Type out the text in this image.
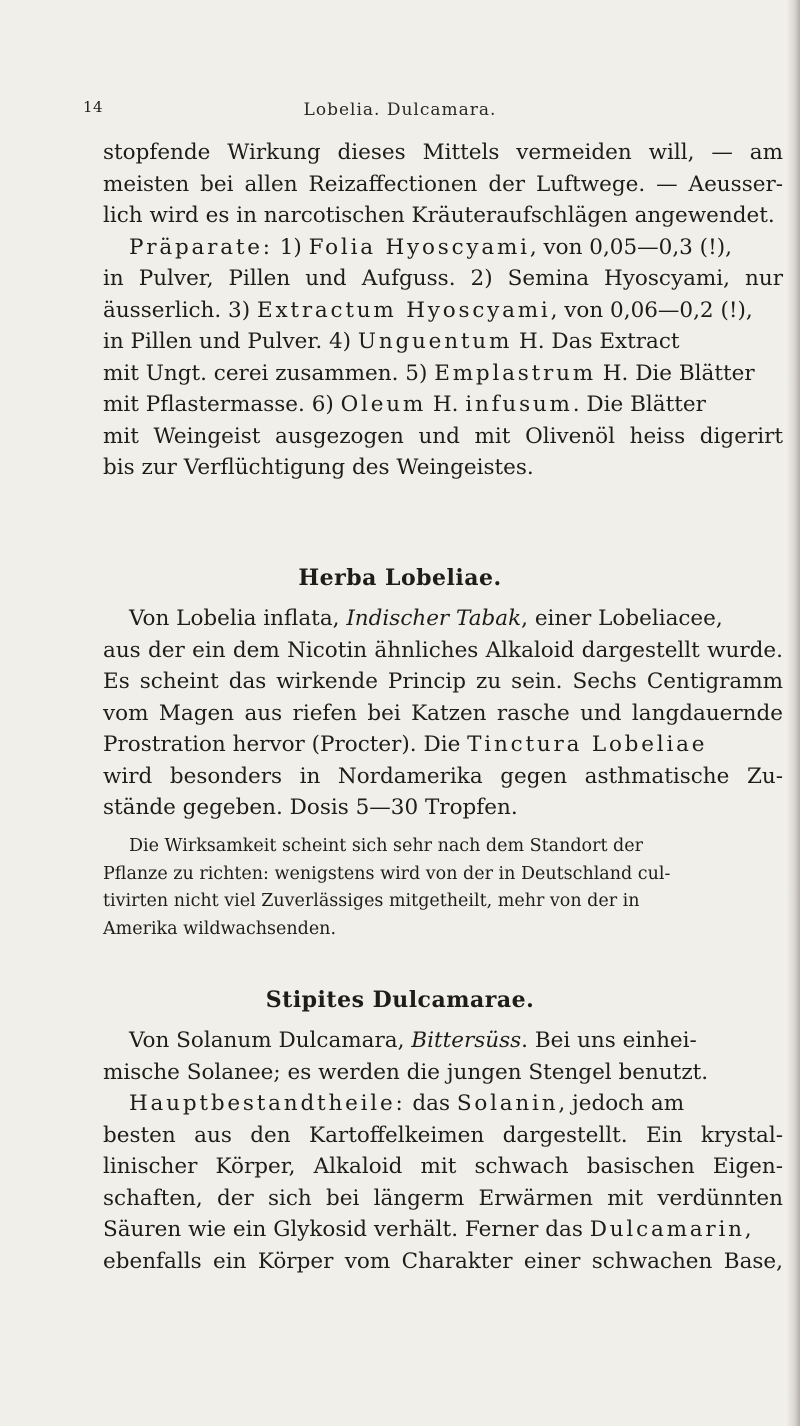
14	Lobelia. Dulcamara.
stopfende Wirkung dieses Mittels vermeiden will, — am
meisten bei allen Reizaffectionen der Luftwege. — Aeusser-
lich wird es in narcotischen Kräuteraufschlägen angewendet.
Präparate: 1) Folia Hyoscyami, von 0,05—0,3 (!),
in Pulver, Pillen und Aufguss. 2) Semina Hyoscyami, nur
äusserlich. 3) Extractum Hyoscyami, von 0,06—0,2 (!),
in Pillen und Pulver. 4) Unguentum H. Das Extract
mit Ungt. cerei zusammen. 5) Emplastrum H. Die Blätter
mit Pflastermasse. 6) Oleum H. infusum. Die Blätter
mit Weingeist ausgezogen und mit Olivenöl heiss digerirt
bis zur Verflüchtigung des Weingeistes.
Herba Lobeliae.
Von Lobelia inflata, Indischer Tabak, einer Lobeliacee,
aus der ein dem Nicotin ähnliches Alkaloid dargestellt wurde.
Es scheint das wirkende Princip zu sein. Sechs Centigramm
vom Magen aus riefen bei Katzen rasche und langdauernde
Prostration hervor (Procter). Die Tinctura Lobeliae
wird besonders in Nordamerika gegen asthmatische Zu-
stände gegeben. Dosis 5—30 Tropfen.
Die Wirksamkeit scheint sich sehr nach dem Standort der
Pflanze zu richten: wenigstens wird von der in Deutschland cul-
tivirten nicht viel Zuverlässiges mitgetheilt, mehr von der in
Amerika wildwachsenden.
Stipites Dulcamarae.
Von Solanum Dulcamara, Bittersüss. Bei uns einhei-
mische Solanee; es werden die jungen Stengel benutzt.
Hauptbestandtheile: das Solanin, jedoch am
besten aus den Kartoffelkeimen dargestellt. Ein krystal-
linischer Körper, Alkaloid mit schwach basischen Eigen-
schaften, der sich bei längerm Erwärmen mit verdünnten
Säuren wie ein Glykosid verhält. Ferner das Dulcamarin,
ebenfalls ein Körper vom Charakter einer schwachen Base,
